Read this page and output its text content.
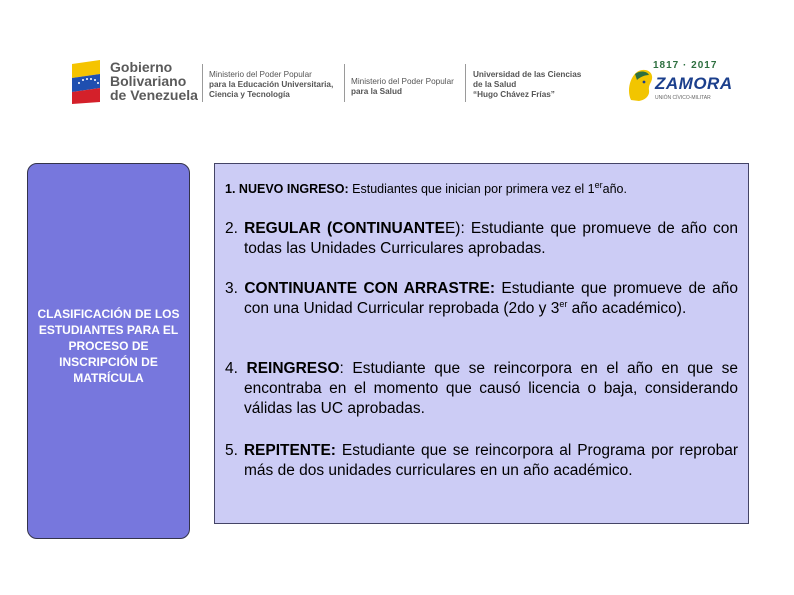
Gobierno
Bolivariano
de Venezuela
Ministerio del Poder Popular
para la Educación Universitaria,
Ciencia y Tecnología
Ministerio del Poder Popular
para la Salud
Universidad de las Ciencias
de la Salud
“Hugo Chávez Frías”
1817 · 2017
ZAMORA
UNIÓN CÍVICO-MILITAR
CLASIFICACIÓN DE LOS ESTUDIANTES PARA EL PROCESO DE INSCRIPCIÓN DE MATRÍCULA
1. NUEVO INGRESO: Estudiantes que inician por primera vez el 1eraño.
2. REGULAR (CONTINUANTEE): Estudiante que promueve de año con todas las Unidades Curriculares aprobadas.
3. CONTINUANTE CON ARRASTRE: Estudiante que promueve de año con una Unidad Curricular reprobada (2do y 3er año académico).
4. REINGRESO: Estudiante que se reincorpora en el año en que se encontraba en el momento que causó licencia o baja, considerando válidas las UC aprobadas.
5. REPITENTE: Estudiante que se reincorpora al Programa por reprobar más de dos unidades curriculares en un año académico.
